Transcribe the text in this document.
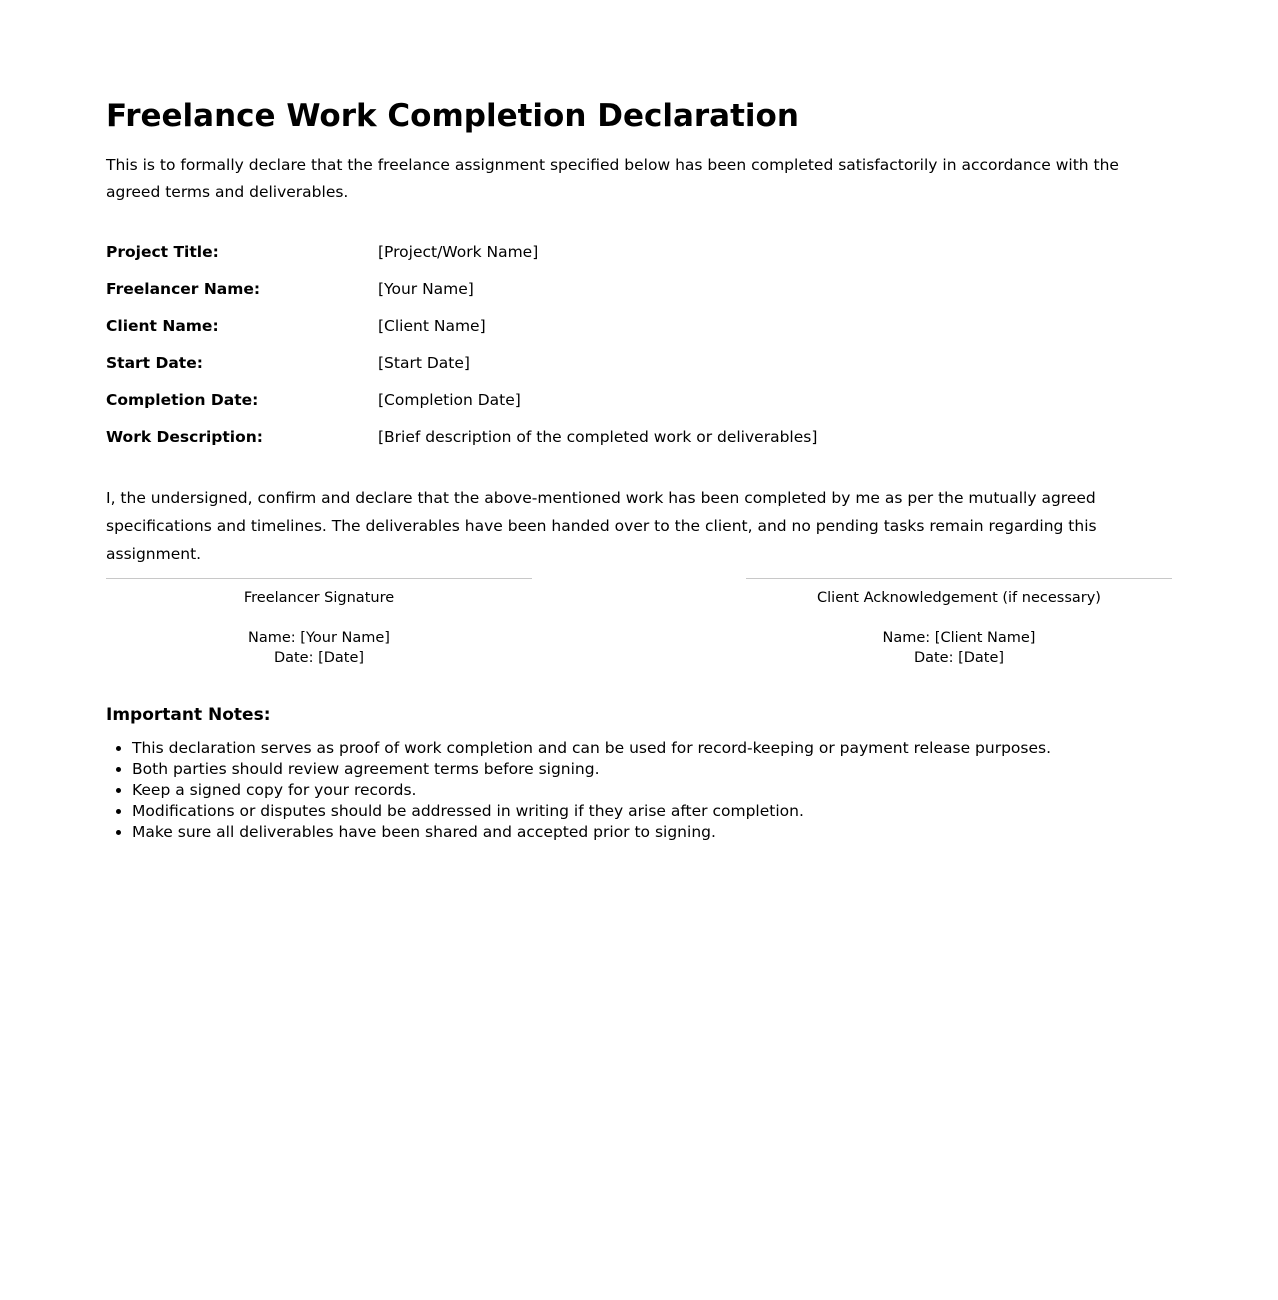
Freelance Work Completion Declaration

This is to formally declare that the freelance assignment specified below has been completed satisfactorily in accordance with the agreed terms and deliverables.

Project Title:	[Project/Work Name]
Freelancer Name:	[Your Name]
Client Name:	[Client Name]
Start Date:	[Start Date]
Completion Date:	[Completion Date]
Work Description:	[Brief description of the completed work or deliverables]

I, the undersigned, confirm and declare that the above-mentioned work has been completed by me as per the mutually agreed specifications and timelines. The deliverables have been handed over to the client, and no pending tasks remain regarding this assignment.

Freelancer Signature
Name: [Your Name]
Date: [Date]
Client Acknowledgement (if necessary)
Name: [Client Name]
Date: [Date]
Important Notes:
• This declaration serves as proof of work completion and can be used for record-keeping or payment release purposes.
• Both parties should review agreement terms before signing.
• Keep a signed copy for your records.
• Modifications or disputes should be addressed in writing if they arise after completion.
• Make sure all deliverables have been shared and accepted prior to signing.
